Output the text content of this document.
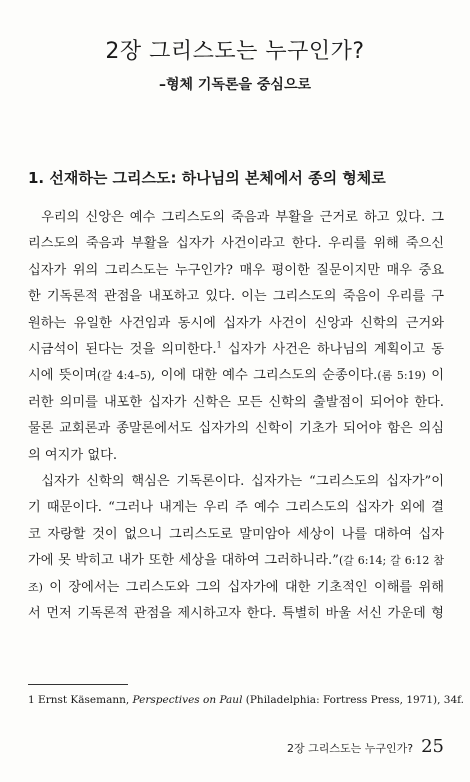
2장 그리스도는 누구인가?
–형체 기독론을 중심으로
1. 선재하는 그리스도: 하나님의 본체에서 종의 형체로
우리의 신앙은 예수 그리스도의 죽음과 부활을 근거로 하고 있다. 그
리스도의 죽음과 부활을 십자가 사건이라고 한다. 우리를 위해 죽으신
십자가 위의 그리스도는 누구인가? 매우 평이한 질문이지만 매우 중요
한 기독론적 관점을 내포하고 있다. 이는 그리스도의 죽음이 우리를 구
원하는 유일한 사건임과 동시에 십자가 사건이 신앙과 신학의 근거와
시금석이 된다는 것을 의미한다.$^1$ 십자가 사건은 하나님의 계획이고 동
시에 뜻이며(갈 4:4–5), 이에 대한 예수 그리스도의 순종이다.(롬 5:19) 이
러한 의미를 내포한 십자가 신학은 모든 신학의 출발점이 되어야 한다.
물론 교회론과 종말론에서도 십자가의 신학이 기초가 되어야 함은 의심
의 여지가 없다.
십자가 신학의 핵심은 기독론이다. 십자가는 “그리스도의 십자가”이
기 때문이다. “그러나 내게는 우리 주 예수 그리스도의 십자가 외에 결
코 자랑할 것이 없으니 그리스도로 말미암아 세상이 나를 대하여 십자
가에 못 박히고 내가 또한 세상을 대하여 그러하니라.”(갈 6:14; 갈 6:12 참
조) 이 장에서는 그리스도와 그의 십자가에 대한 기초적인 이해를 위해
서 먼저 기독론적 관점을 제시하고자 한다. 특별히 바울 서신 가운데 형
1 Ernst Käsemann, Perspectives on Paul (Philadelphia: Fortress Press, 1971), 34f.
2장 그리스도는 누구인가? 25
